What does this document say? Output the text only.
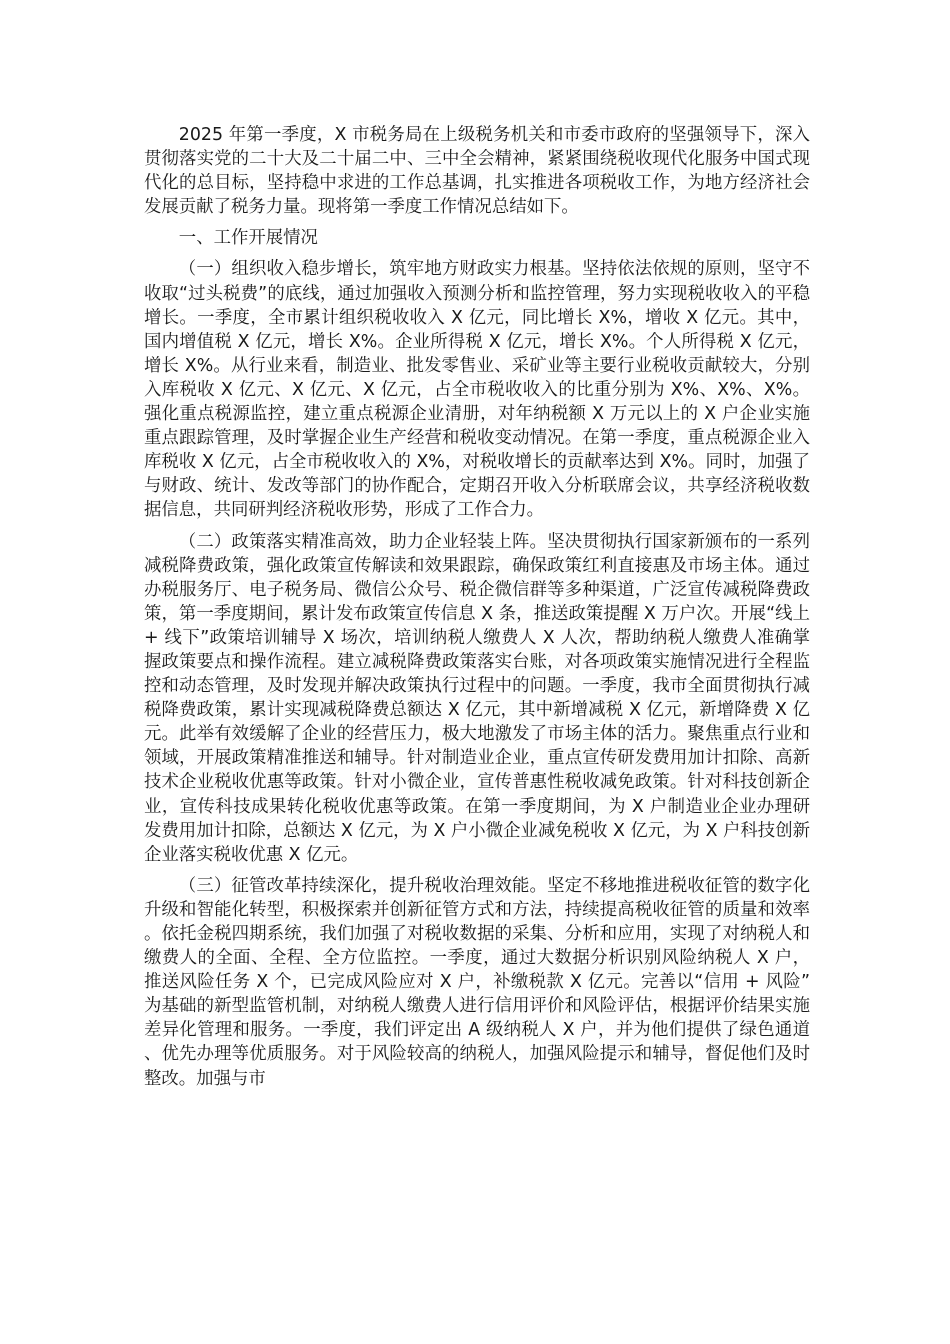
2025 年第一季度，X 市税务局在上级税务机关和市委市政府的坚强领导下，深入贯彻落实党的二十大及二十届二中、三中全会精神，紧紧围绕税收现代化服务中国式现代化的总目标，坚持稳中求进的工作总基调，扎实推进各项税收工作，为地方经济社会发展贡献了税务力量。现将第一季度工作情况总结如下。

一、工作开展情况

（一）组织收入稳步增长，筑牢地方财政实力根基。坚持依法依规的原则，坚守不收取“过头税费”的底线，通过加强收入预测分析和监控管理，努力实现税收收入的平稳增长。一季度，全市累计组织税收收入 X 亿元，同比增长 X%，增收 X 亿元。其中，国内增值税 X 亿元，增长 X%。企业所得税 X 亿元，增长 X%。个人所得税 X 亿元，增长 X%。从行业来看，制造业、批发零售业、采矿业等主要行业税收贡献较大，分别入库税收 X 亿元、X 亿元、X 亿元，占全市税收收入的比重分别为 X%、X%、X%。强化重点税源监控，建立重点税源企业清册，对年纳税额 X 万元以上的 X 户企业实施重点跟踪管理，及时掌握企业生产经营和税收变动情况。在第一季度，重点税源企业入库税收 X 亿元，占全市税收收入的 X%，对税收增长的贡献率达到 X%。同时，加强了与财政、统计、发改等部门的协作配合，定期召开收入分析联席会议，共享经济税收数据信息，共同研判经济税收形势，形成了工作合力。

（二）政策落实精准高效，助力企业轻装上阵。坚决贯彻执行国家新颁布的一系列减税降费政策，强化政策宣传解读和效果跟踪，确保政策红利直接惠及市场主体。通过办税服务厅、电子税务局、微信公众号、税企微信群等多种渠道，广泛宣传减税降费政策，第一季度期间，累计发布政策宣传信息 X 条，推送政策提醒 X 万户次。开展“线上 + 线下”政策培训辅导 X 场次，培训纳税人缴费人 X 人次，帮助纳税人缴费人准确掌握政策要点和操作流程。建立减税降费政策落实台账，对各项政策实施情况进行全程监控和动态管理，及时发现并解决政策执行过程中的问题。一季度，我市全面贯彻执行减税降费政策，累计实现减税降费总额达 X 亿元，其中新增减税 X 亿元，新增降费 X 亿元。此举有效缓解了企业的经营压力，极大地激发了市场主体的活力。聚焦重点行业和领域，开展政策精准推送和辅导。针对制造业企业，重点宣传研发费用加计扣除、高新技术企业税收优惠等政策。针对小微企业，宣传普惠性税收减免政策。针对科技创新企业，宣传科技成果转化税收优惠等政策。在第一季度期间，为 X 户制造业企业办理研发费用加计扣除，总额达 X 亿元，为 X 户小微企业减免税收 X 亿元，为 X 户科技创新企业落实税收优惠 X 亿元。

（三）征管改革持续深化，提升税收治理效能。坚定不移地推进税收征管的数字化升级和智能化转型，积极探索并创新征管方式和方法，持续提高税收征管的质量和效率。依托金税四期系统，我们加强了对税收数据的采集、分析和应用，实现了对纳税人和缴费人的全面、全程、全方位监控。一季度，通过大数据分析识别风险纳税人 X 户，推送风险任务 X 个，已完成风险应对 X 户，补缴税款 X 亿元。完善以“信用 + 风险”为基础的新型监管机制，对纳税人缴费人进行信用评价和风险评估，根据评价结果实施差异化管理和服务。一季度，我们评定出 A 级纳税人 X 户，并为他们提供了绿色通道、优先办理等优质服务。对于风险较高的纳税人，加强风险提示和辅导，督促他们及时整改。加强与市
